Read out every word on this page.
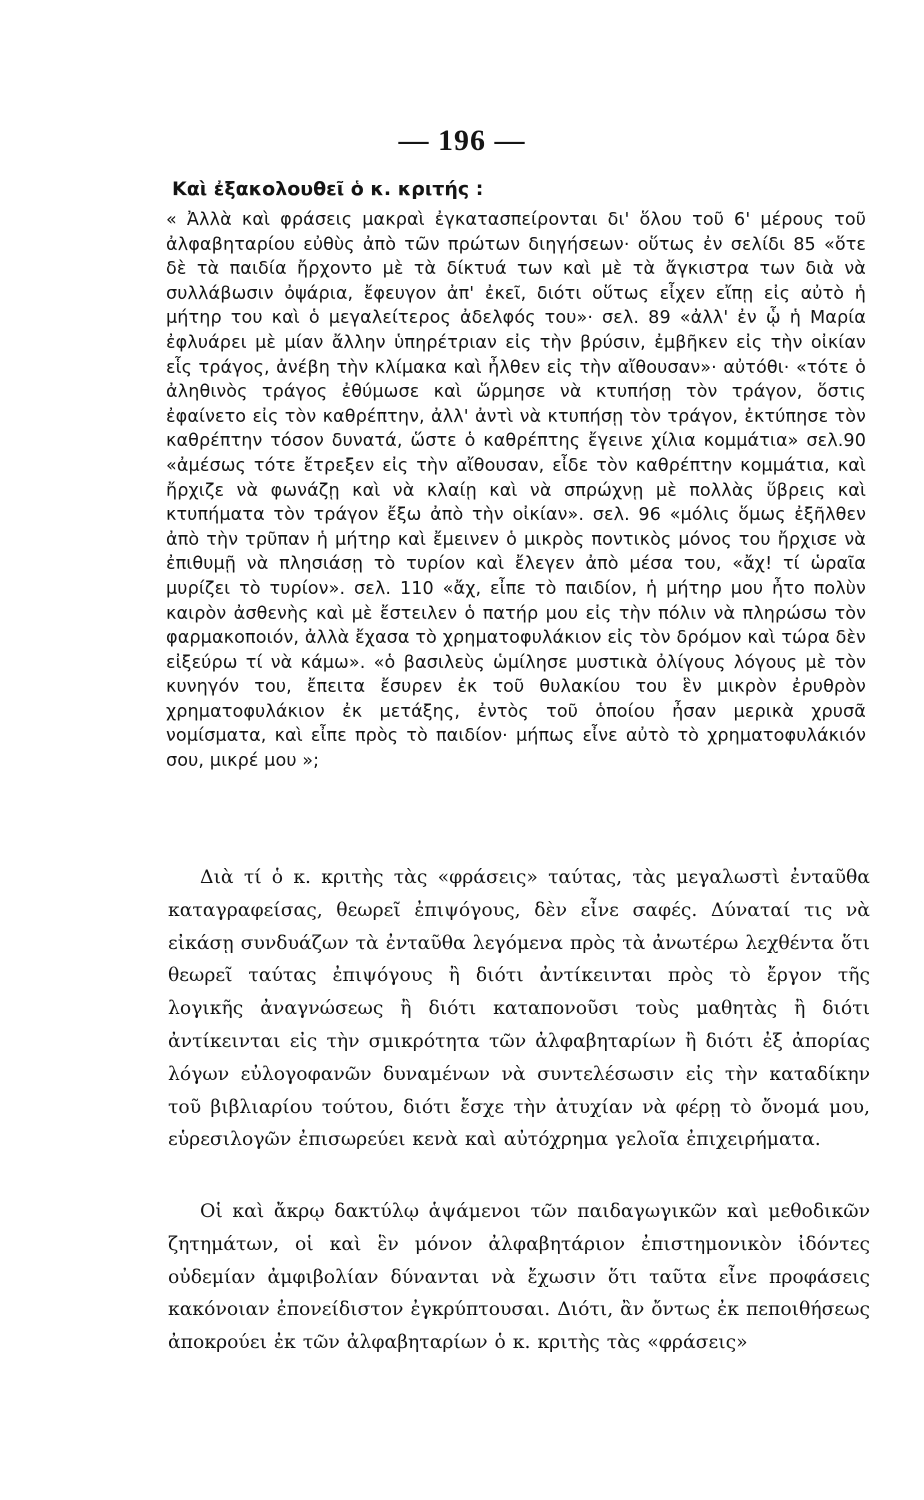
— 196 —
Καὶ ἐξακολουθεῖ ὁ κ. κριτής :
« Ἀλλὰ καὶ φράσεις μακραὶ ἐγκατασπείρονται δι' ὅλου τοῦ 6' μέρους τοῦ ἀλφαβηταρίου εὐθὺς ἀπὸ τῶν πρώτων διηγήσεων· οὕτως ἐν σελίδι 85 «ὅτε δὲ τὰ παιδία ἤρχοντο μὲ τὰ δίκτυά των καὶ μὲ τὰ ἄγκιστρα των διὰ νὰ συλλάβωσιν ὀψάρια, ἔφευγον ἀπ' ἐκεῖ, διότι οὕτως εἶχεν εἴπῃ εἰς αὐτὸ ἡ μήτηρ του καὶ ὁ μεγαλείτερος ἀδελφός του»· σελ. 89 «ἀλλ' ἐν ᾧ ἡ Μαρία ἐφλυάρει μὲ μίαν ἄλλην ὑπηρέτριαν εἰς τὴν βρύσιν, ἐμβῆκεν εἰς τὴν οἰκίαν εἷς τράγος, ἀνέβη τὴν κλίμακα καὶ ἦλθεν εἰς τὴν αἴθουσαν»· αὐτόθι· «τότε ὁ ἀληθινὸς τράγος ἐθύμωσε καὶ ὥρμησε νὰ κτυπήσῃ τὸν τράγον, ὅστις ἐφαίνετο εἰς τὸν καθρέπτην, ἀλλ' ἀντὶ νὰ κτυπήσῃ τὸν τράγον, ἐκτύπησε τὸν καθρέπτην τόσον δυνατά, ὥστε ὁ καθρέπτης ἔγεινε χίλια κομμάτια» σελ.90 «ἀμέσως τότε ἔτρεξεν εἰς τὴν αἴθουσαν, εἶδε τὸν καθρέπτην κομμάτια, καὶ ἤρχιζε νὰ φωνάζῃ καὶ νὰ κλαίῃ καὶ νὰ σπρώχνῃ μὲ πολλὰς ὕβρεις καὶ κτυπήματα τὸν τράγον ἔξω ἀπὸ τὴν οἰκίαν». σελ. 96 «μόλις ὅμως ἐξῆλθεν ἀπὸ τὴν τρῦπαν ἡ μήτηρ καὶ ἔμεινεν ὁ μικρὸς ποντικὸς μόνος του ἤρχισε νὰ ἐπιθυμῇ νὰ πλησιάσῃ τὸ τυρίον καὶ ἔλεγεν ἀπὸ μέσα του, «ἄχ! τί ὡραῖα μυρίζει τὸ τυρίον». σελ. 110 «ἄχ, εἶπε τὸ παιδίον, ἡ μήτηρ μου ἦτο πολὺν καιρὸν ἀσθενὴς καὶ μὲ ἔστειλεν ὁ πατήρ μου εἰς τὴν πόλιν νὰ πληρώσω τὸν φαρμακοποιόν, ἀλλὰ ἔχασα τὸ χρηματοφυλάκιον εἰς τὸν δρόμον καὶ τώρα δὲν εἰξεύρω τί νὰ κάμω». «ὁ βασιλεὺς ὡμίλησε μυστικὰ ὀλίγους λόγους μὲ τὸν κυνηγόν του, ἔπειτα ἔσυρεν ἐκ τοῦ θυλακίου του ἓν μικρὸν ἐρυθρὸν χρηματοφυλάκιον ἐκ μετάξης, ἐντὸς τοῦ ὁποίου ἦσαν μερικὰ χρυσᾶ νομίσματα, καὶ εἶπε πρὸς τὸ παιδίον· μήπως εἶνε αὐτὸ τὸ χρηματοφυλάκιόν σου, μικρέ μου »;

Διὰ τί ὁ κ. κριτὴς τὰς «φράσεις» ταύτας, τὰς μεγαλωστὶ ἐνταῦθα καταγραφείσας, θεωρεῖ ἐπιψόγους, δὲν εἶνε σαφές. Δύναταί τις νὰ εἰκάσῃ συνδυάζων τὰ ἐνταῦθα λεγόμενα πρὸς τὰ ἀνωτέρω λεχθέντα ὅτι θεωρεῖ ταύτας ἐπιψόγους ἢ διότι ἀντίκεινται πρὸς τὸ ἔργον τῆς λογικῆς ἀναγνώσεως ἢ διότι καταπονοῦσι τοὺς μαθητὰς ἢ διότι ἀντίκεινται εἰς τὴν σμικρότητα τῶν ἀλφαβηταρίων ἢ διότι ἐξ ἀπορίας λόγων εὐλογοφανῶν δυναμένων νὰ συντελέσωσιν εἰς τὴν καταδίκην τοῦ βιβλιαρίου τούτου, διότι ἔσχε τὴν ἀτυχίαν νὰ φέρῃ τὸ ὄνομά μου, εὑρεσιλογῶν ἐπισωρεύει κενὰ καὶ αὐτόχρημα γελοῖα ἐπιχειρήματα.

Οἱ καὶ ἄκρῳ δακτύλῳ ἁψάμενοι τῶν παιδαγωγικῶν καὶ μεθοδικῶν ζητημάτων, οἱ καὶ ἓν μόνον ἀλφαβητάριον ἐπιστημονικὸν ἰδόντες οὐδεμίαν ἀμφιβολίαν δύνανται νὰ ἔχωσιν ὅτι ταῦτα εἶνε προφάσεις κακόνοιαν ἐπονείδιστον ἐγκρύπτουσαι. Διότι, ἂν ὄντως ἐκ πεποιθήσεως ἀποκρούει ἐκ τῶν ἀλφαβηταρίων ὁ κ. κριτὴς τὰς «φράσεις»
